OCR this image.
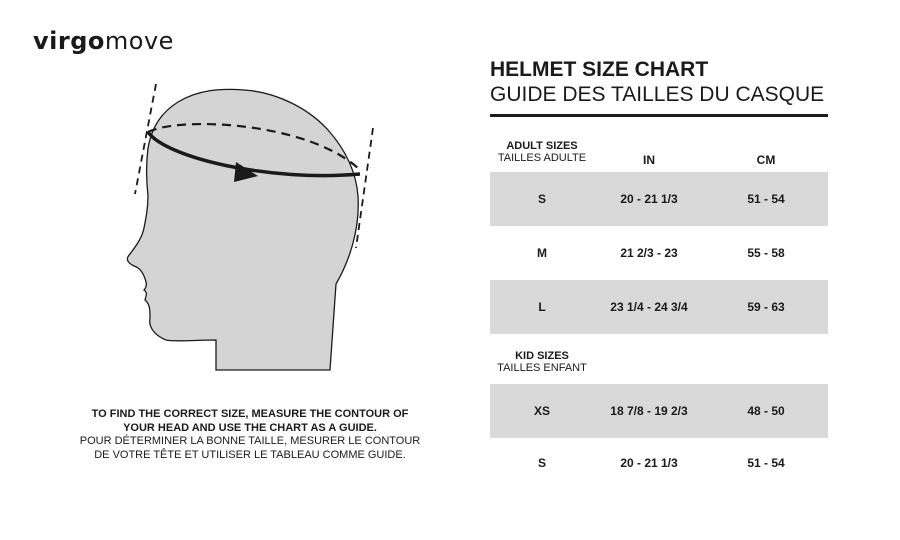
virgomove
TO FIND THE CORRECT SIZE, MEASURE THE CONTOUR OF
YOUR HEAD AND USE THE CHART AS A GUIDE.
POUR DÉTERMINER LA BONNE TAILLE, MESURER LE CONTOUR
DE VOTRE TÊTE ET UTILISER LE TABLEAU COMME GUIDE.
HELMET SIZE CHART
GUIDE DES TAILLES DU CASQUE
ADULT SIZES
TAILLES ADULTE	IN	CM
S	20 - 21 1/3	51 - 54
M	21 2/3 - 23	55 - 58
L	23 1/4 - 24 3/4	59 - 63
KID SIZES
TAILLES ENFANT
XS	18 7/8 - 19 2/3	48 - 50
S	20 - 21 1/3	51 - 54
